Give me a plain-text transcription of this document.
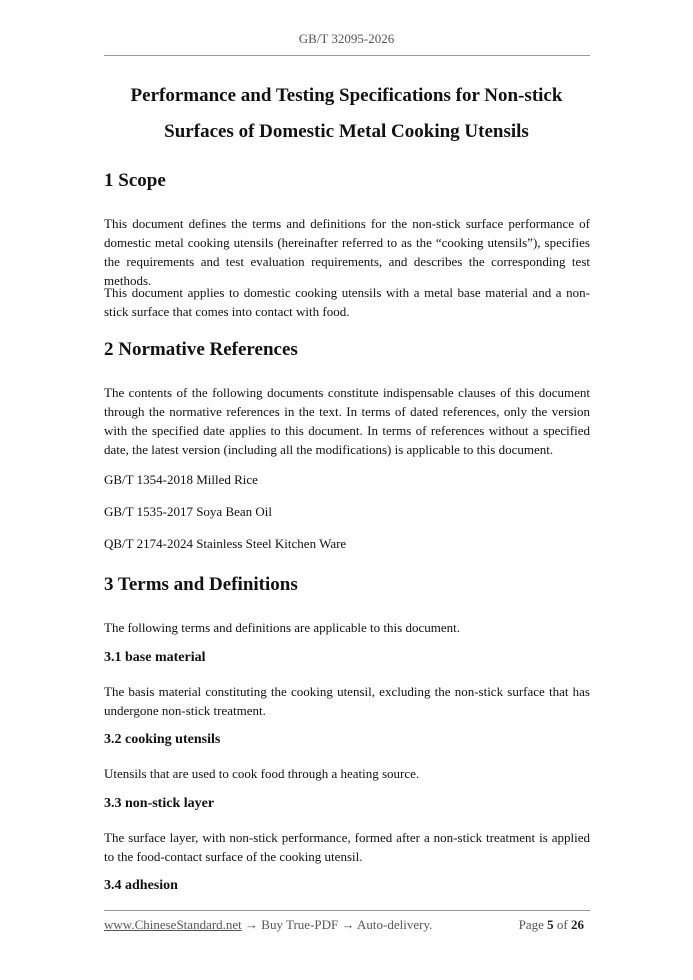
GB/T 32095-2026
Performance and Testing Specifications for Non-stick
Surfaces of Domestic Metal Cooking Utensils
1 Scope
This document defines the terms and definitions for the non-stick surface performance of domestic metal cooking utensils (hereinafter referred to as the “cooking utensils”), specifies the requirements and test evaluation requirements, and describes the corresponding test methods.
This document applies to domestic cooking utensils with a metal base material and a non-stick surface that comes into contact with food.
2 Normative References
The contents of the following documents constitute indispensable clauses of this document through the normative references in the text. In terms of dated references, only the version with the specified date applies to this document. In terms of references without a specified date, the latest version (including all the modifications) is applicable to this document.
GB/T 1354-2018 Milled Rice
GB/T 1535-2017 Soya Bean Oil
QB/T 2174-2024 Stainless Steel Kitchen Ware
3 Terms and Definitions
The following terms and definitions are applicable to this document.
3.1 base material
The basis material constituting the cooking utensil, excluding the non-stick surface that has undergone non-stick treatment.
3.2 cooking utensils
Utensils that are used to cook food through a heating source.
3.3 non-stick layer
The surface layer, with non-stick performance, formed after a non-stick treatment is applied to the food-contact surface of the cooking utensil.
3.4 adhesion
www.ChineseStandard.net → Buy True-PDF → Auto-delivery.	Page 5 of 26
